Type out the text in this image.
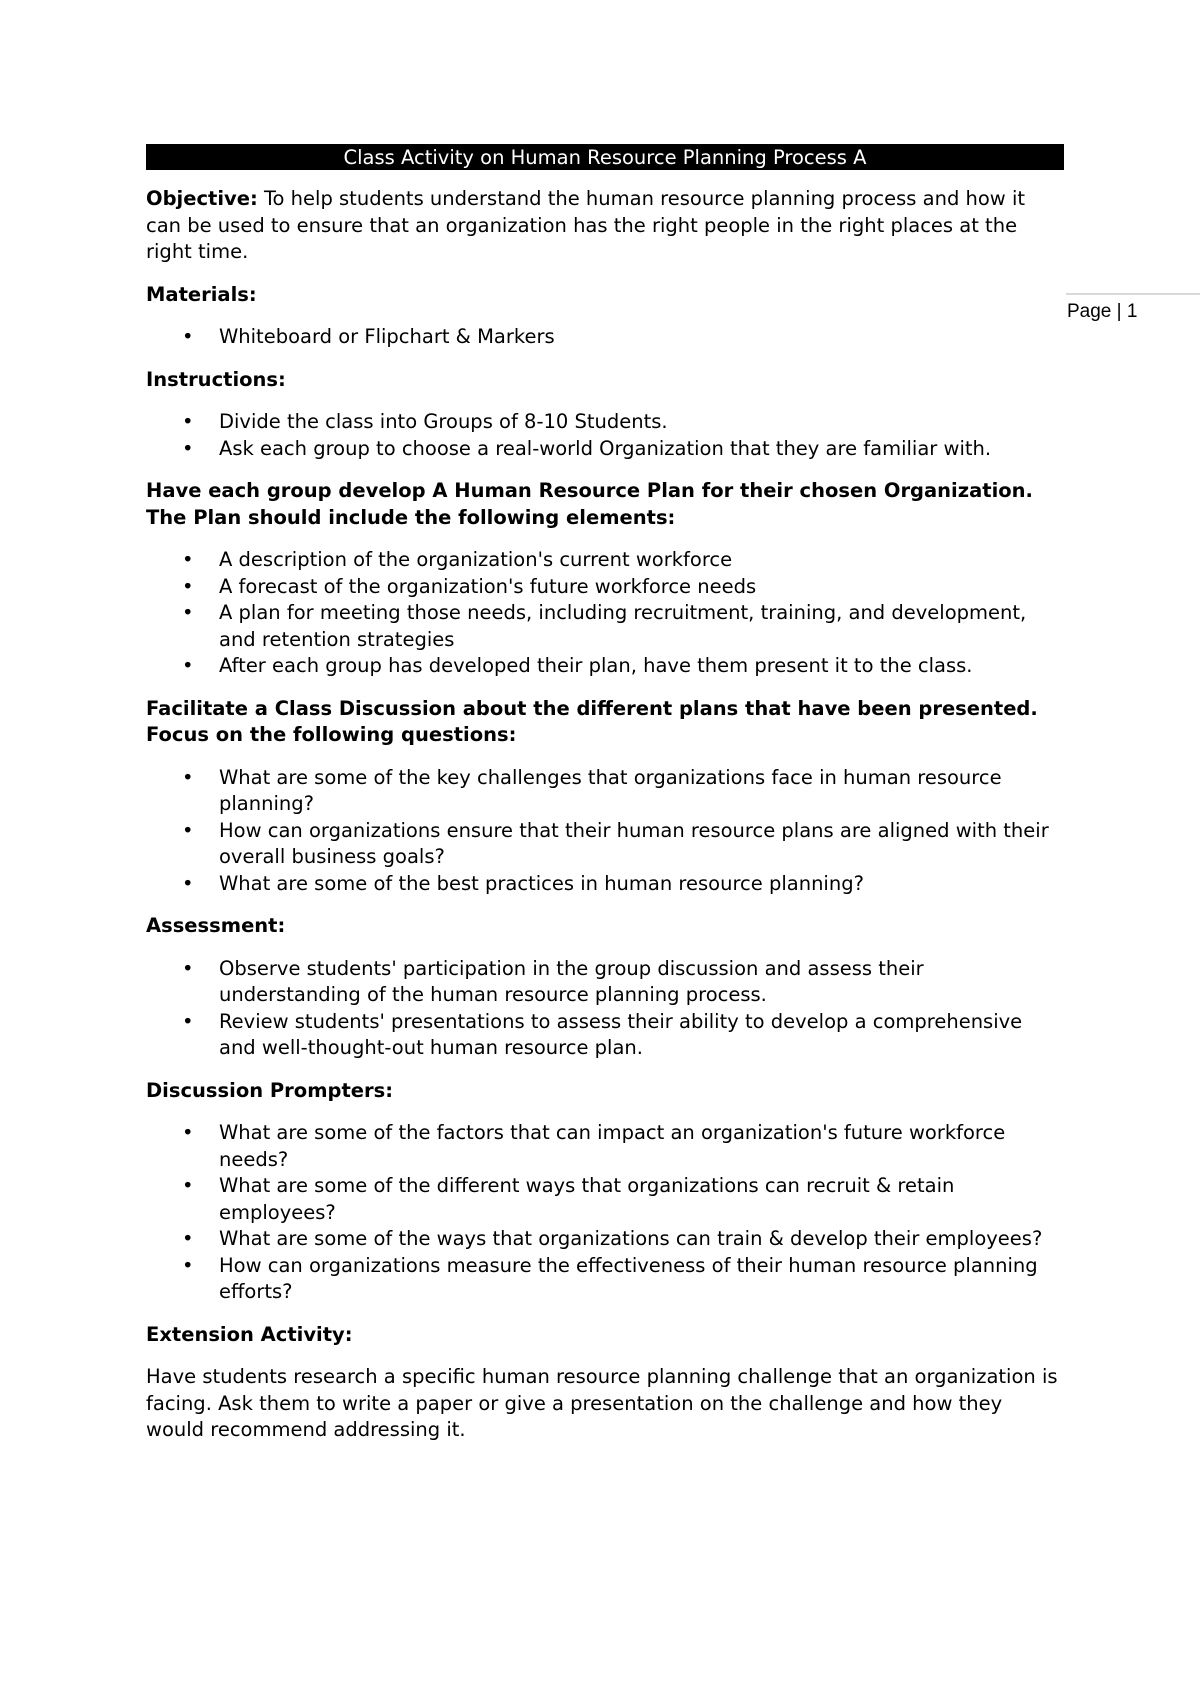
Class Activity on Human Resource Planning Process A

Objective: To help students understand the human resource planning process and how it can be used to ensure that an organization has the right people in the right places at the right time.

Materials:

• Whiteboard or Flipchart & Markers

Instructions:

• Divide the class into Groups of 8-10 Students.
• Ask each group to choose a real-world Organization that they are familiar with.

Have each group develop A Human Resource Plan for their chosen Organization. The Plan should include the following elements:

• A description of the organization's current workforce
• A forecast of the organization's future workforce needs
• A plan for meeting those needs, including recruitment, training, and development, and retention strategies
• After each group has developed their plan, have them present it to the class.

Facilitate a Class Discussion about the different plans that have been presented. Focus on the following questions:

• What are some of the key challenges that organizations face in human resource planning?
• How can organizations ensure that their human resource plans are aligned with their overall business goals?
• What are some of the best practices in human resource planning?

Assessment:

• Observe students' participation in the group discussion and assess their understanding of the human resource planning process.
• Review students' presentations to assess their ability to develop a comprehensive and well-thought-out human resource plan.

Discussion Prompters:

• What are some of the factors that can impact an organization's future workforce needs?
• What are some of the different ways that organizations can recruit & retain employees?
• What are some of the ways that organizations can train & develop their employees?
• How can organizations measure the effectiveness of their human resource planning efforts?

Extension Activity:

Have students research a specific human resource planning challenge that an organization is facing. Ask them to write a paper or give a presentation on the challenge and how they would recommend addressing it.

Page | 1
